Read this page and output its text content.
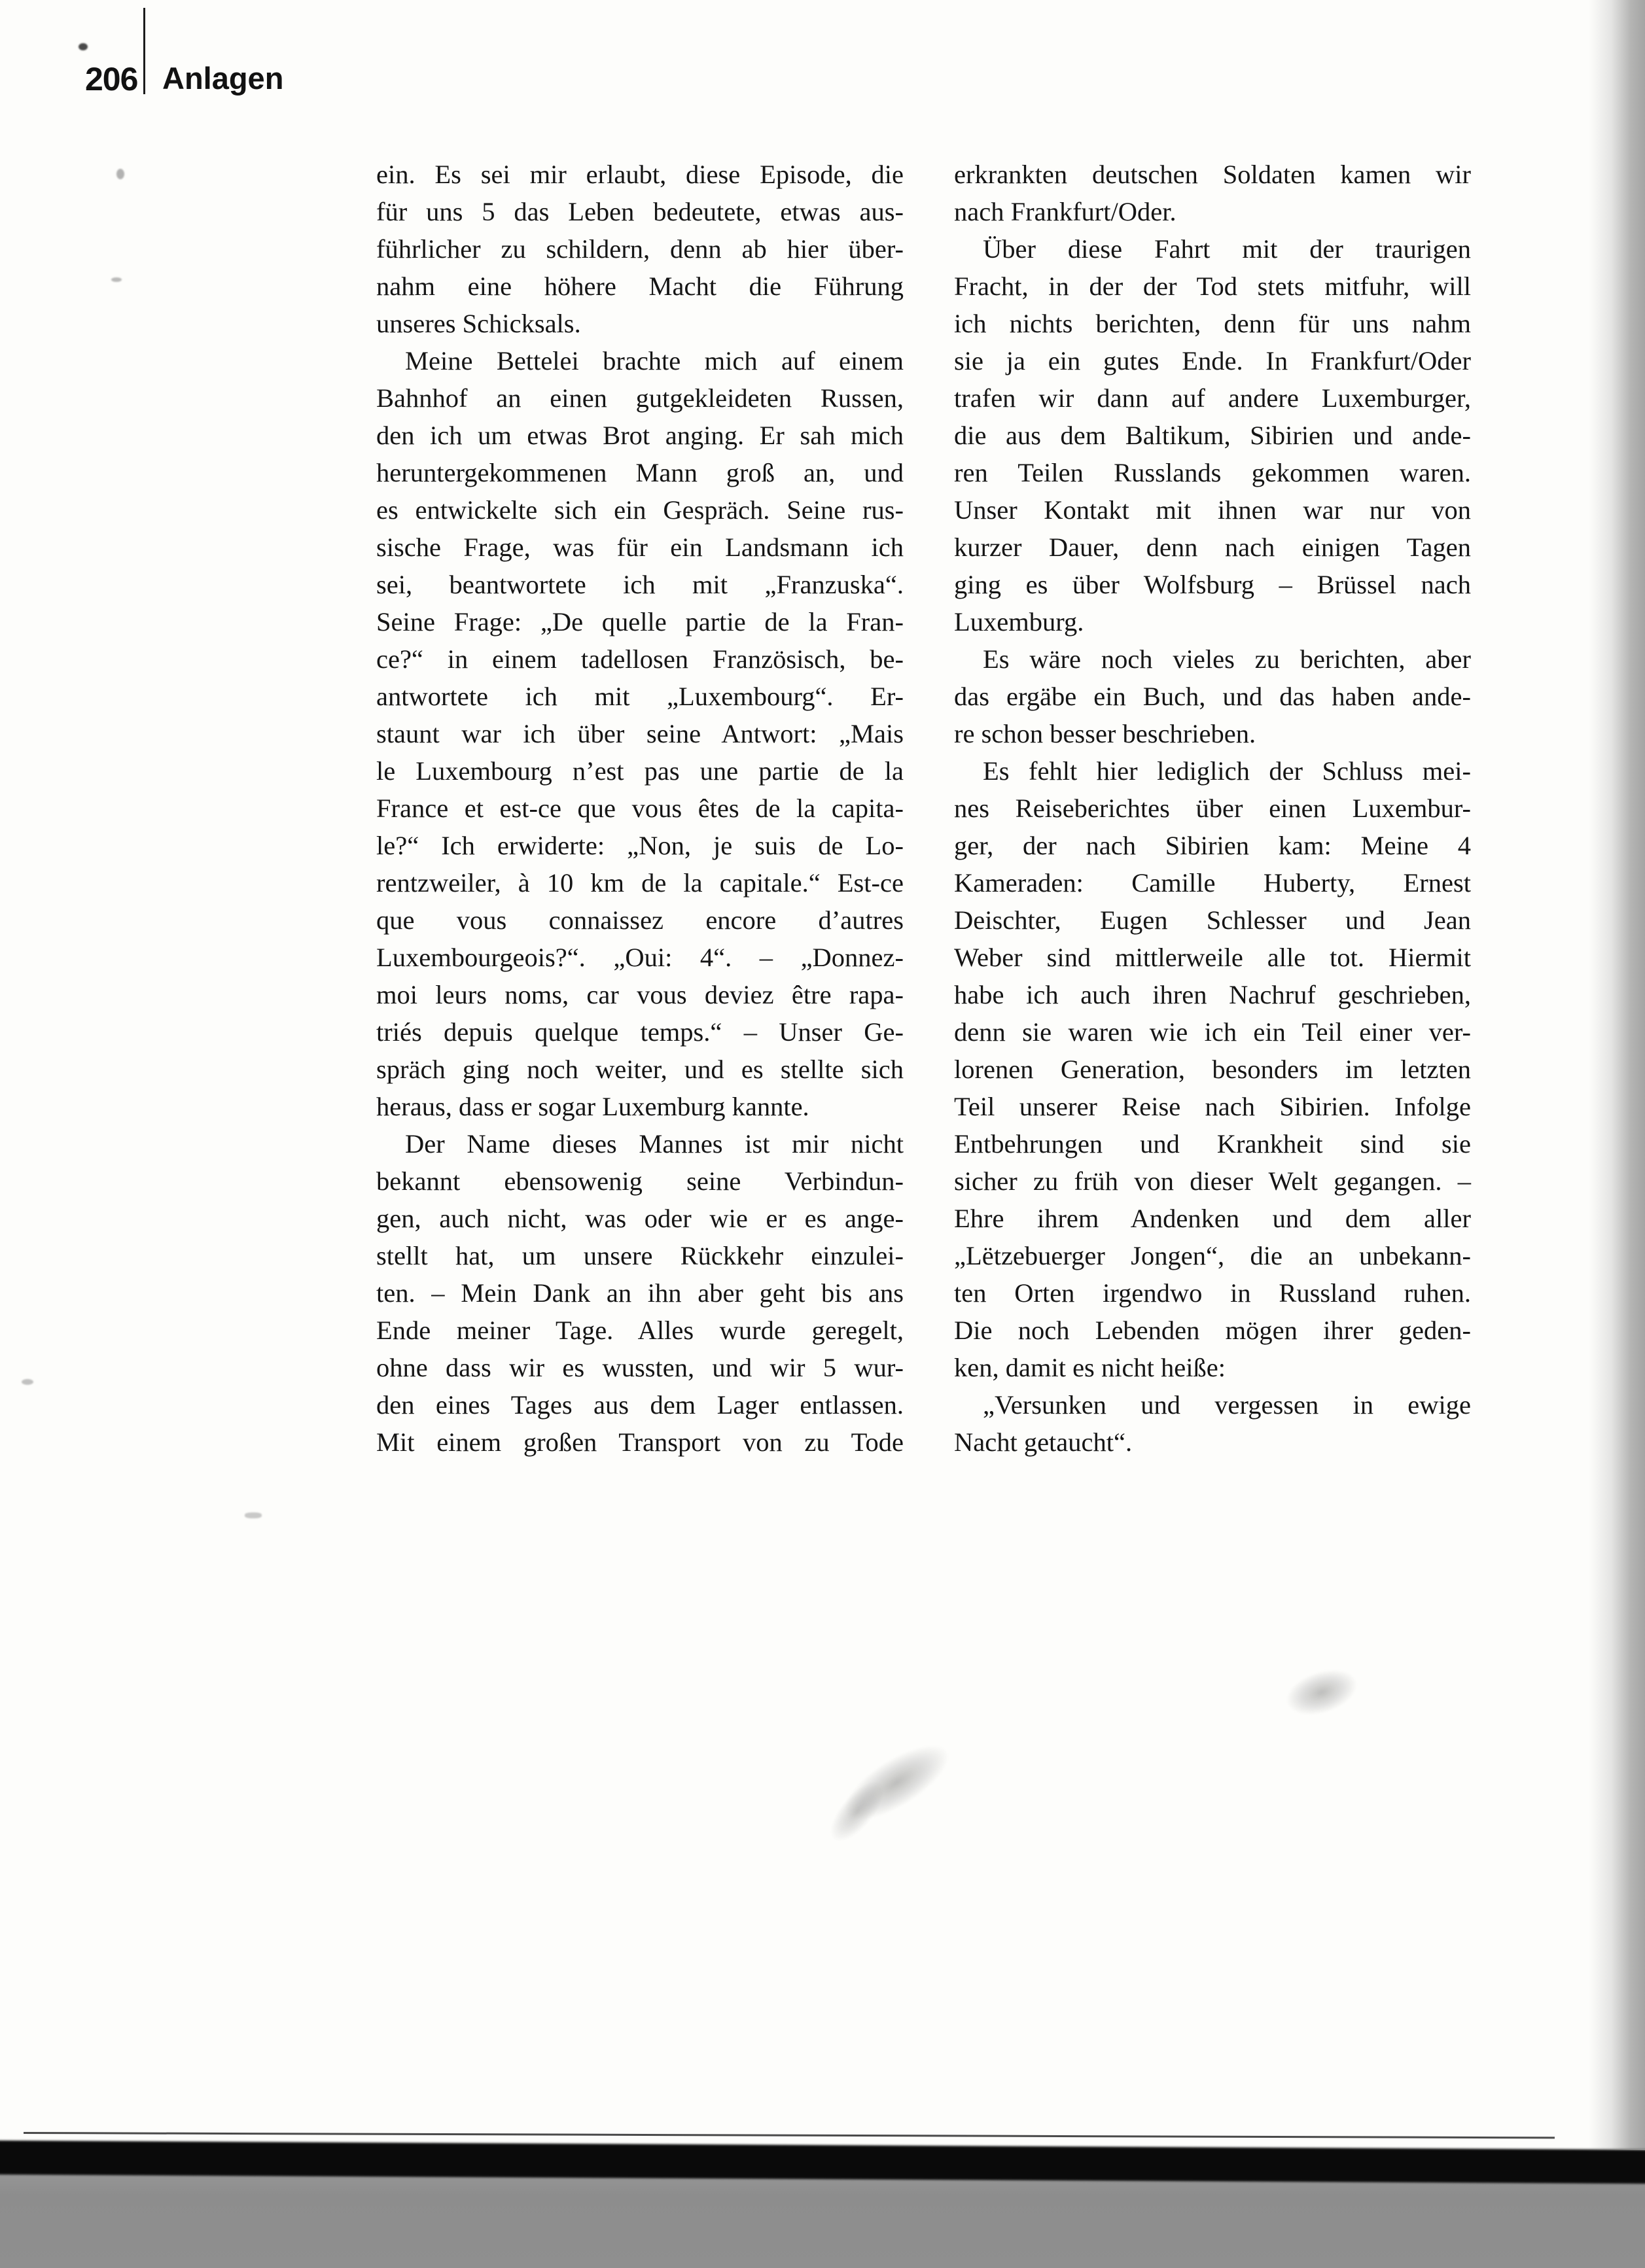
206 Anlagen
ein. Es sei mir erlaubt, diese Episode, die
für uns 5 das Leben bedeutete, etwas aus-
führlicher zu schildern, denn ab hier über-
nahm eine höhere Macht die Führung
unseres Schicksals.
Meine Bettelei brachte mich auf einem
Bahnhof an einen gutgekleideten Russen,
den ich um etwas Brot anging. Er sah mich
heruntergekommenen Mann groß an, und
es entwickelte sich ein Gespräch. Seine rus-
sische Frage, was für ein Landsmann ich
sei, beantwortete ich mit „Franzuska“.
Seine Frage: „De quelle partie de la Fran-
ce?“ in einem tadellosen Französisch, be-
antwortete ich mit „Luxembourg“. Er-
staunt war ich über seine Antwort: „Mais
le Luxembourg n’est pas une partie de la
France et est-ce que vous êtes de la capita-
le?“ Ich erwiderte: „Non, je suis de Lo-
rentzweiler, à 10 km de la capitale.“ Est-ce
que vous connaissez encore d’autres
Luxembourgeois?“. „Oui: 4“. – „Donnez-
moi leurs noms, car vous deviez être rapa-
triés depuis quelque temps.“ – Unser Ge-
spräch ging noch weiter, und es stellte sich
heraus, dass er sogar Luxemburg kannte.
Der Name dieses Mannes ist mir nicht
bekannt ebensowenig seine Verbindun-
gen, auch nicht, was oder wie er es ange-
stellt hat, um unsere Rückkehr einzulei-
ten. – Mein Dank an ihn aber geht bis ans
Ende meiner Tage. Alles wurde geregelt,
ohne dass wir es wussten, und wir 5 wur-
den eines Tages aus dem Lager entlassen.
Mit einem großen Transport von zu Tode
erkrankten deutschen Soldaten kamen wir
nach Frankfurt/Oder.
Über diese Fahrt mit der traurigen
Fracht, in der der Tod stets mitfuhr, will
ich nichts berichten, denn für uns nahm
sie ja ein gutes Ende. In Frankfurt/Oder
trafen wir dann auf andere Luxemburger,
die aus dem Baltikum, Sibirien und ande-
ren Teilen Russlands gekommen waren.
Unser Kontakt mit ihnen war nur von
kurzer Dauer, denn nach einigen Tagen
ging es über Wolfsburg – Brüssel nach
Luxemburg.
Es wäre noch vieles zu berichten, aber
das ergäbe ein Buch, und das haben ande-
re schon besser beschrieben.
Es fehlt hier lediglich der Schluss mei-
nes Reiseberichtes über einen Luxembur-
ger, der nach Sibirien kam: Meine 4
Kameraden: Camille Huberty, Ernest
Deischter, Eugen Schlesser und Jean
Weber sind mittlerweile alle tot. Hiermit
habe ich auch ihren Nachruf geschrieben,
denn sie waren wie ich ein Teil einer ver-
lorenen Generation, besonders im letzten
Teil unserer Reise nach Sibirien. Infolge
Entbehrungen und Krankheit sind sie
sicher zu früh von dieser Welt gegangen. –
Ehre ihrem Andenken und dem aller
„Lëtzebuerger Jongen“, die an unbekann-
ten Orten irgendwo in Russland ruhen.
Die noch Lebenden mögen ihrer geden-
ken, damit es nicht heiße:
„Versunken und vergessen in ewige
Nacht getaucht“.
